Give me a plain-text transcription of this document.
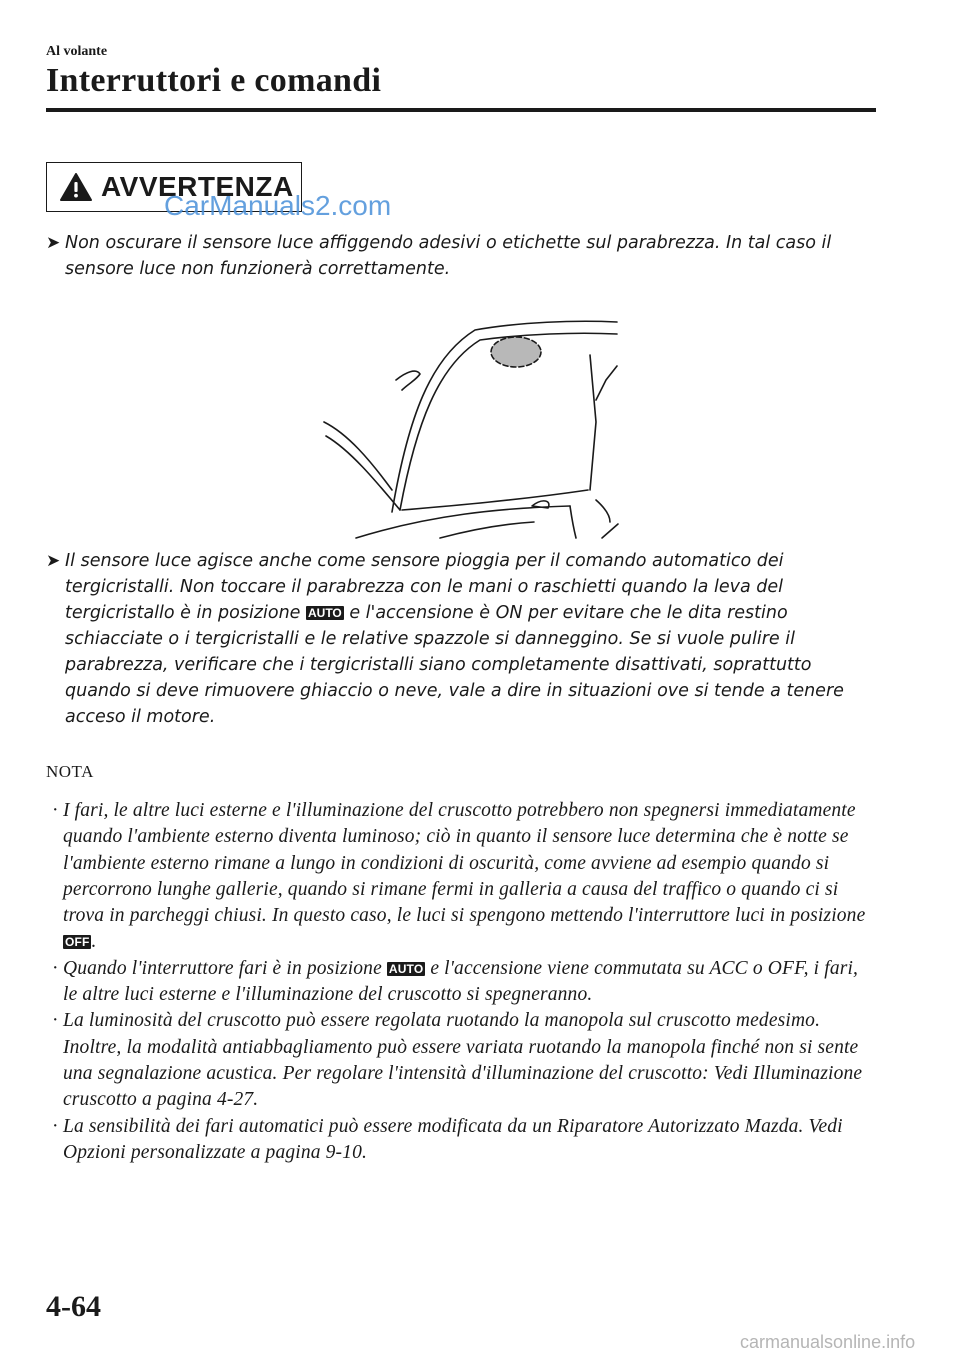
Al volante
Interruttori e comandi
AVVERTENZA
CarManuals2.com
➤ Non oscurare il sensore luce affiggendo adesivi o etichette sul parabrezza. In tal caso il sensore luce non funzionerà correttamente.
➤ Il sensore luce agisce anche come sensore pioggia per il comando automatico dei tergicristalli. Non toccare il parabrezza con le mani o raschietti quando la leva del tergicristallo è in posizione AUTO e l'accensione è ON per evitare che le dita restino schiacciate o i tergicristalli e le relative spazzole si danneggino. Se si vuole pulire il parabrezza, verificare che i tergicristalli siano completamente disattivati, soprattutto quando si deve rimuovere ghiaccio o neve, vale a dire in situazioni ove si tende a tenere acceso il motore.
NOTA
· I fari, le altre luci esterne e l'illuminazione del cruscotto potrebbero non spegnersi immediatamente quando l'ambiente esterno diventa luminoso; ciò in quanto il sensore luce determina che è notte se l'ambiente esterno rimane a lungo in condizioni di oscurità, come avviene ad esempio quando si percorrono lunghe gallerie, quando si rimane fermi in galleria a causa del traffico o quando ci si trova in parcheggi chiusi. In questo caso, le luci si spengono mettendo l'interruttore luci in posizione OFF .
· Quando l'interruttore fari è in posizione AUTO e l'accensione viene commutata su ACC o OFF, i fari, le altre luci esterne e l'illuminazione del cruscotto si spegneranno.
· La luminosità del cruscotto può essere regolata ruotando la manopola sul cruscotto medesimo. Inoltre, la modalità antiabbagliamento può essere variata ruotando la manopola finché non si sente una segnalazione acustica. Per regolare l'intensità d'illuminazione del cruscotto: Vedi Illuminazione cruscotto a pagina 4-27.
· La sensibilità dei fari automatici può essere modificata da un Riparatore Autorizzato Mazda. Vedi Opzioni personalizzate a pagina 9-10.
4-64
carmanualsonline.info
